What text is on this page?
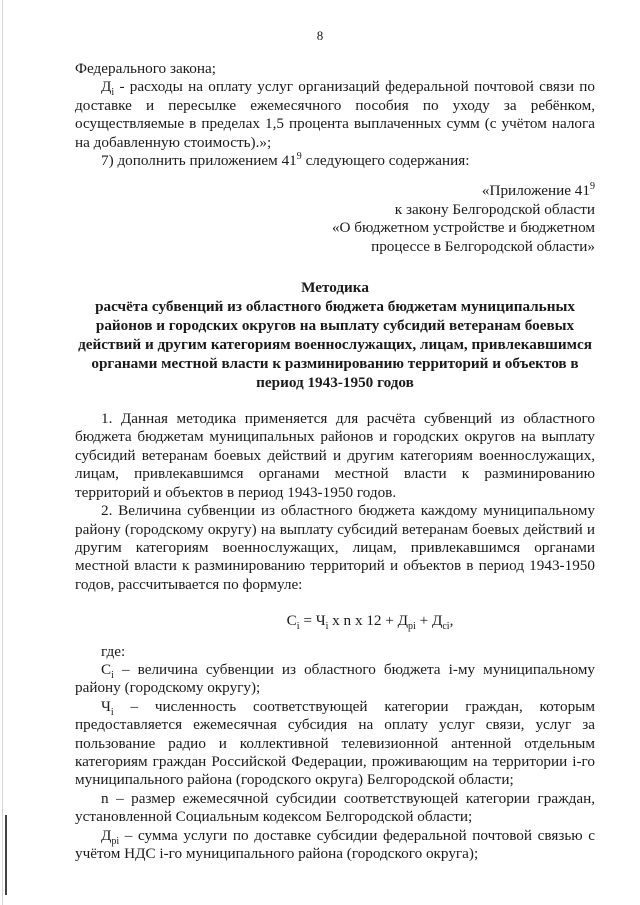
8

Федерального закона;

$Д_i$ - расходы на оплату услуг организаций федеральной почтовой связи по доставке и пересылке ежемесячного пособия по уходу за ребёнком, осуществляемые в пределах 1,5 процента выплаченных сумм (с учётом налога на добавленную стоимость).»;

7) дополнить приложением $41^9$ следующего содержания:

«Приложение $41^9$

к закону Белгородской области

«О бюджетном устройстве и бюджетном

процессе в Белгородской области»

Методика

расчёта субвенций из областного бюджета бюджетам муниципальных районов и городских округов на выплату субсидий ветеранам боевых действий и другим категориям военнослужащих, лицам, привлекавшимся органами местной власти к разминированию территорий и объектов в период 1943-1950 годов

1. Данная методика применяется для расчёта субвенций из областного бюджета бюджетам муниципальных районов и городских округов на выплату субсидий ветеранам боевых действий и другим категориям военнослужащих, лицам, привлекавшимся органами местной власти к разминированию территорий и объектов в период 1943-1950 годов.

2. Величина субвенции из областного бюджета каждому муниципальному району (городскому округу) на выплату субсидий ветеранам боевых действий и другим категориям военнослужащих, лицам, привлекавшимся органами местной власти к разминированию территорий и объектов в период 1943-1950 годов, рассчитывается по формуле:

$C_i = Ч_i$ х n х $12 + Д_{pi} + Д_{ci}$,

где:

$C_i$ – величина субвенции из областного бюджета i-му муниципальному району (городскому округу);

$Ч_i$ – численность соответствующей категории граждан, которым предоставляется ежемесячная субсидия на оплату услуг связи, услуг за пользование радио и коллективной телевизионной антенной отдельным категориям граждан Российской Федерации, проживающим на территории i-го муниципального района (городского округа) Белгородской области;

n – размер ежемесячной субсидии соответствующей категории граждан, установленной Социальным кодексом Белгородской области;

$Д_{pi}$ – сумма услуги по доставке субсидии федеральной почтовой связью с учётом НДС i-го муниципального района (городского округа);
